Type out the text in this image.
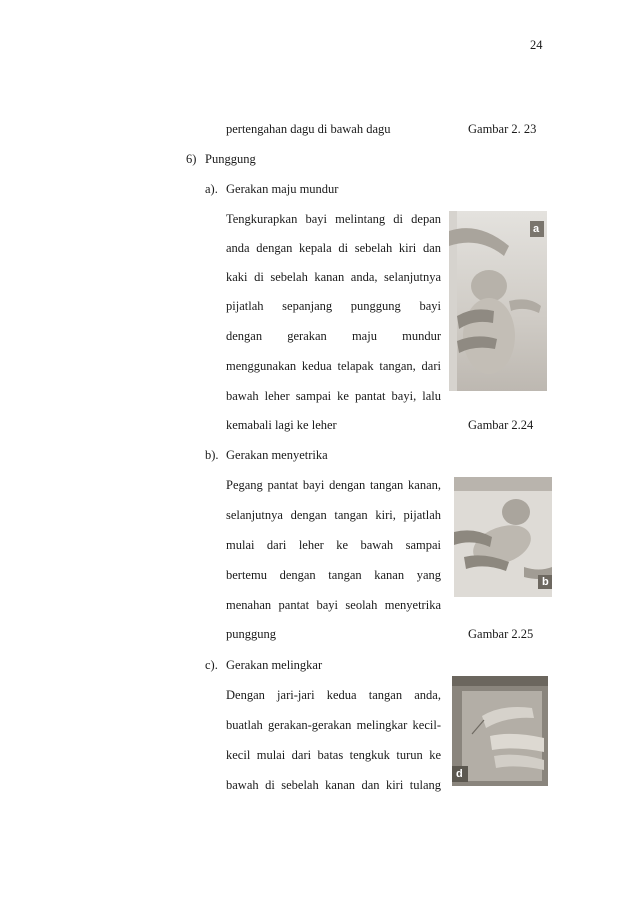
24
pertengahan dagu di bawah dagu	Gambar 2. 23
6) Punggung
a). Gerakan maju mundur
Tengkurapkan bayi melintang di depan
anda dengan kepala di sebelah kiri dan
kaki di sebelah kanan anda, selanjutnya
pijatlah sepanjang punggung bayi
dengan gerakan maju mundur
menggunakan kedua telapak tangan, dari
bawah leher sampai ke pantat bayi, lalu
kemabali lagi ke leher	Gambar 2.24
a
b). Gerakan menyetrika
Pegang pantat bayi dengan tangan kanan,
selanjutnya dengan tangan kiri, pijatlah
mulai dari leher ke bawah sampai
bertemu dengan tangan kanan yang
menahan pantat bayi seolah menyetrika
punggung	Gambar 2.25
b
c). Gerakan melingkar
Dengan jari-jari kedua tangan anda,
buatlah gerakan-gerakan melingkar kecil-
kecil mulai dari batas tengkuk turun ke
bawah di sebelah kanan dan kiri tulang
d
